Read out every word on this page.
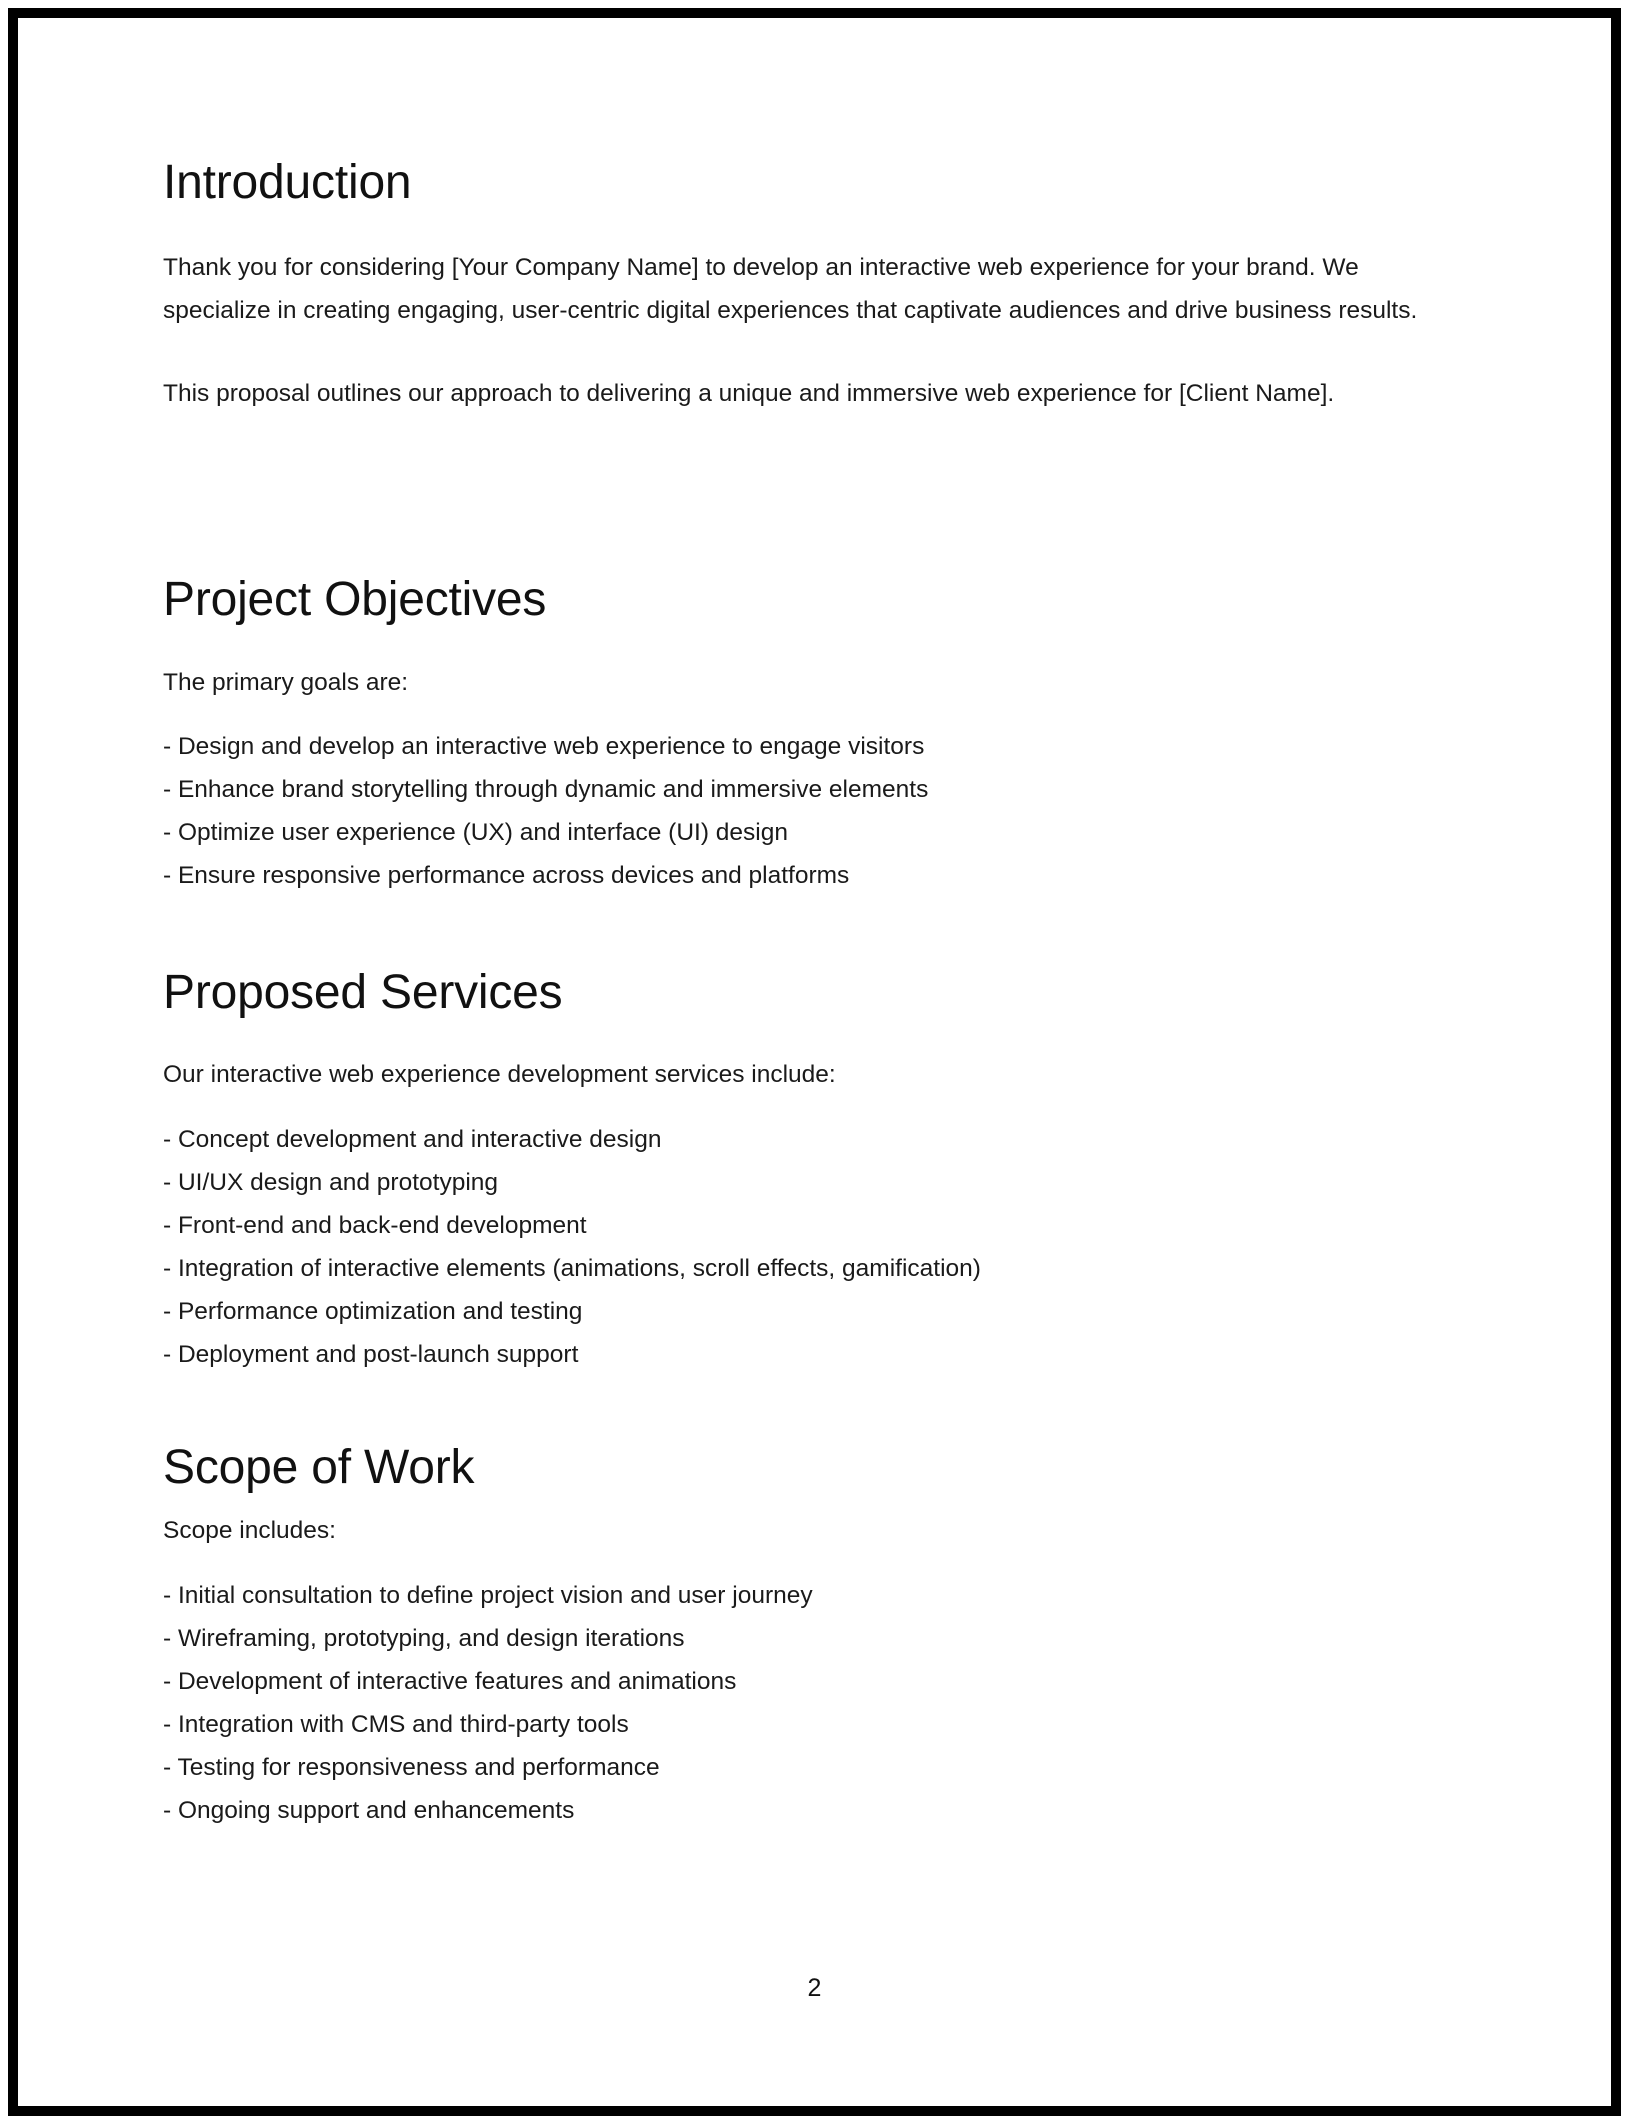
Introduction

Thank you for considering [Your Company Name] to develop an interactive web experience for your brand. We specialize in creating engaging, user-centric digital experiences that captivate audiences and drive business results.

This proposal outlines our approach to delivering a unique and immersive web experience for [Client Name].

Project Objectives

The primary goals are:

- Design and develop an interactive web experience to engage visitors
- Enhance brand storytelling through dynamic and immersive elements
- Optimize user experience (UX) and interface (UI) design
- Ensure responsive performance across devices and platforms
Proposed Services

Our interactive web experience development services include:

- Concept development and interactive design
- UI/UX design and prototyping
- Front-end and back-end development
- Integration of interactive elements (animations, scroll effects, gamification)
- Performance optimization and testing
- Deployment and post-launch support
Scope of Work

Scope includes:

- Initial consultation to define project vision and user journey
- Wireframing, prototyping, and design iterations
- Development of interactive features and animations
- Integration with CMS and third-party tools
- Testing for responsiveness and performance
- Ongoing support and enhancements
2
